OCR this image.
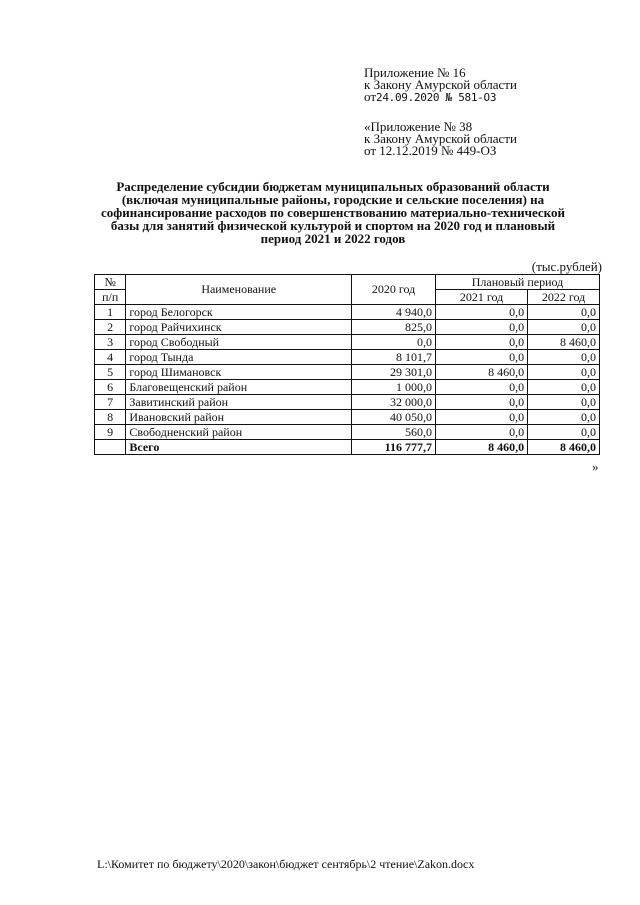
Приложение № 16
к Закону Амурской области
от24.09.2020 № 581-ОЗ
«Приложение № 38
к Закону Амурской области
от 12.12.2019 № 449-ОЗ
Распределение субсидии бюджетам муниципальных образований области (включая муниципальные районы, городские и сельские поселения) на софинансирование расходов по совершенствованию материально-технической базы для занятий физической культурой и спортом на 2020 год и плановый период 2021 и 2022 годов
(тыс.рублей)
№	Наименование	2020 год	Плановый период	
п/п			2021 год	2022 год
1	город Белогорск	4 940,0	0,0	0,0
2	город Райчихинск	825,0	0,0	0,0
3	город Свободный	0,0	0,0	8 460,0
4	город Тында	8 101,7	0,0	0,0
5	город Шимановск	29 301,0	8 460,0	0,0
6	Благовещенский район	1 000,0	0,0	0,0
7	Завитинский район	32 000,0	0,0	0,0
8	Ивановский район	40 050,0	0,0	0,0
9	Свободненский район	560,0	0,0	0,0
	Всего	116 777,7	8 460,0	8 460,0
»
L:\Комитет по бюджету\2020\закон\бюджет сентябрь\2 чтение\Zakon.docx
